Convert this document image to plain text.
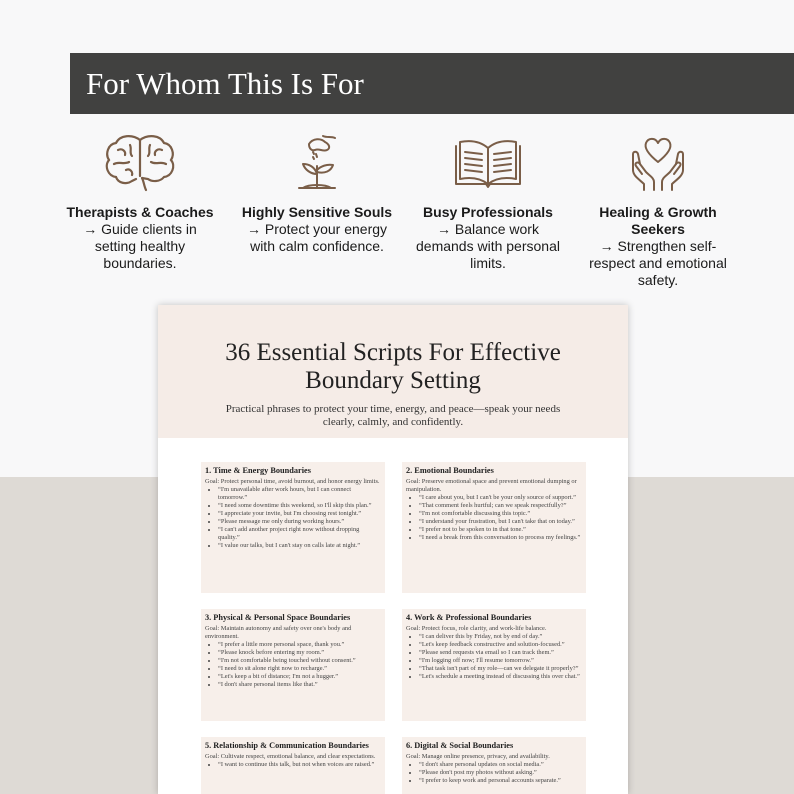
For Whom This Is For
Therapists & Coaches
→ Guide clients in setting healthy boundaries.
Highly Sensitive Souls
→ Protect your energy with calm confidence.
Busy Professionals
→ Balance work demands with personal limits.
Healing & Growth Seekers
→ Strengthen self-respect and emotional safety.
36 Essential Scripts For Effective Boundary Setting
Practical phrases to protect your time, energy, and peace—speak your needs clearly, calmly, and confidently.
1. Time & Energy Boundaries
Goal: Protect personal time, avoid burnout, and honor energy limits.
• “I'm unavailable after work hours, but I can connect tomorrow.”
• “I need some downtime this weekend, so I'll skip this plan.”
• “I appreciate your invite, but I'm choosing rest tonight.”
• “Please message me only during working hours.”
• “I can't add another project right now without dropping quality.”
• “I value our talks, but I can't stay on calls late at night.”
2. Emotional Boundaries
Goal: Preserve emotional space and prevent emotional dumping or manipulation.
• “I care about you, but I can't be your only source of support.”
• “That comment feels hurtful; can we speak respectfully?”
• “I'm not comfortable discussing this topic.”
• “I understand your frustration, but I can't take that on today.”
• “I prefer not to be spoken to in that tone.”
• “I need a break from this conversation to process my feelings.”
3. Physical & Personal Space Boundaries
Goal: Maintain autonomy and safety over one's body and environment.
• “I prefer a little more personal space, thank you.”
• “Please knock before entering my room.”
• “I'm not comfortable being touched without consent.”
• “I need to sit alone right now to recharge.”
• “Let's keep a bit of distance; I'm not a hugger.”
• “I don't share personal items like that.”
4. Work & Professional Boundaries
Goal: Protect focus, role clarity, and work-life balance.
• “I can deliver this by Friday, not by end of day.”
• “Let's keep feedback constructive and solution-focused.”
• “Please send requests via email so I can track them.”
• “I'm logging off now; I'll resume tomorrow.”
• “That task isn't part of my role—can we delegate it properly?”
• “Let's schedule a meeting instead of discussing this over chat.”
5. Relationship & Communication Boundaries
Goal: Cultivate respect, emotional balance, and clear expectations.
• “I want to continue this talk, but not when voices are raised.”
6. Digital & Social Boundaries
Goal: Manage online presence, privacy, and availability.
• “I don't share personal updates on social media.”
• “Please don't post my photos without asking.”
• “I prefer to keep work and personal accounts separate.”
